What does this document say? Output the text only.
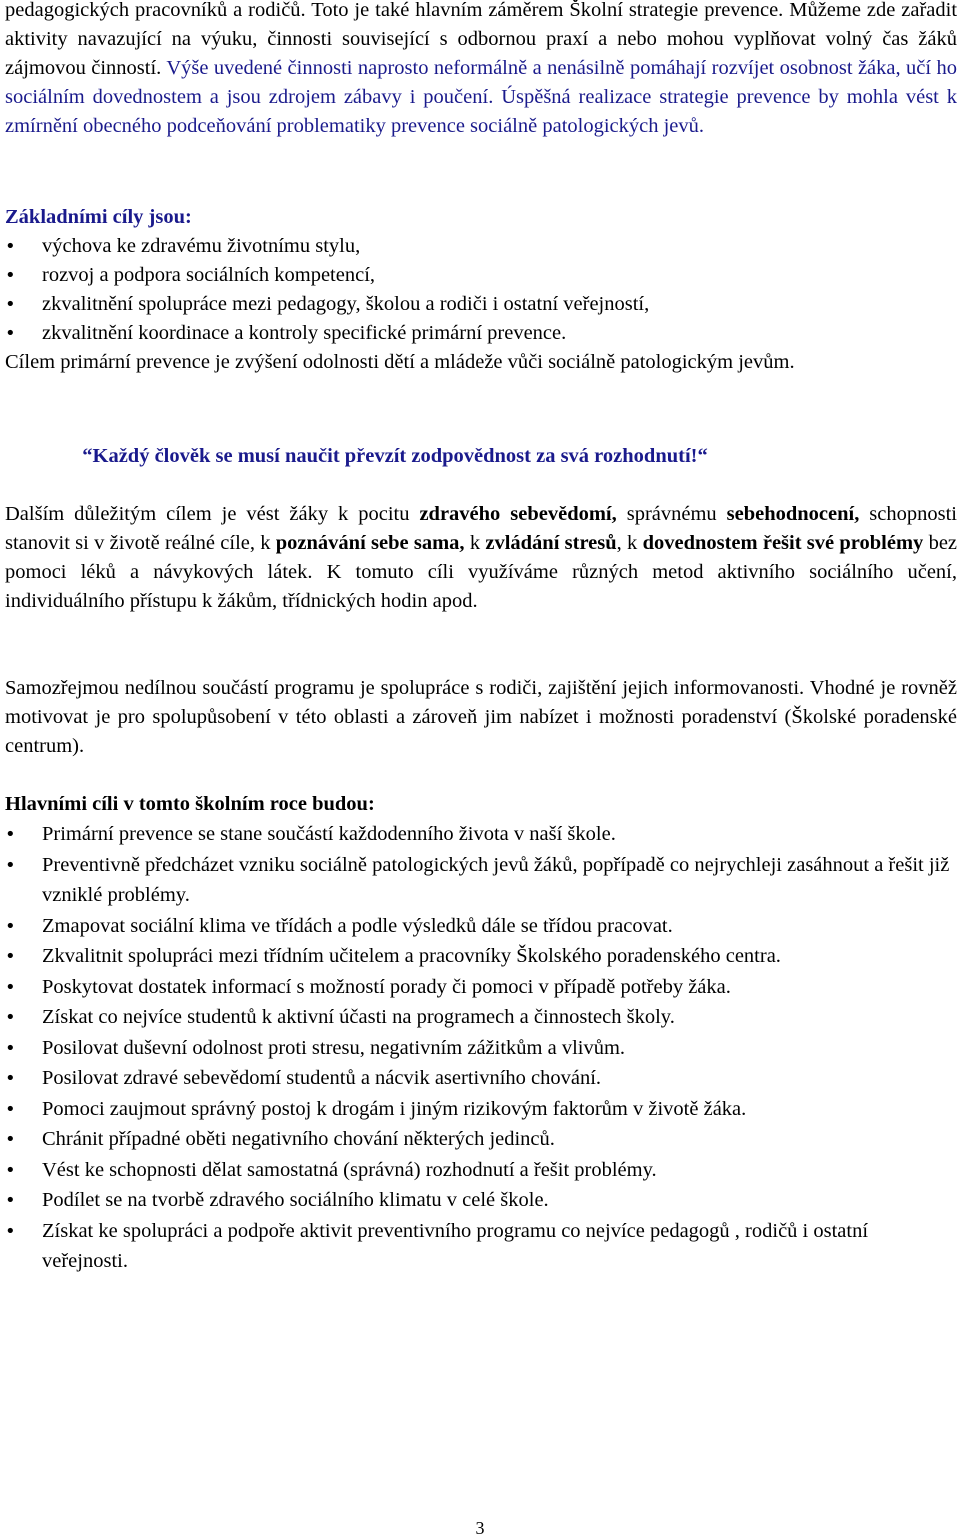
pedagogických pracovníků a rodičů. Toto je také hlavním záměrem Školní strategie prevence. Můžeme zde zařadit aktivity navazující na výuku, činnosti související s odbornou praxí a nebo mohou vyplňovat volný čas žáků zájmovou činností. Výše uvedené činnosti naprosto neformálně a nenásilně pomáhají rozvíjet osobnost žáka, učí ho sociálním dovednostem a jsou zdrojem zábavy i poučení. Úspěšná realizace strategie prevence by mohla vést k zmírnění obecného podceňování problematiky prevence sociálně patologických jevů.

Základními cíly jsou:

•
výchova ke zdravému životnímu stylu,
•
rozvoj a podpora sociálních kompetencí,
•
zkvalitnění spolupráce mezi pedagogy, školou a rodiči i ostatní veřejností,
•
zkvalitnění koordinace a kontroly specifické primární prevence.

Cílem primární prevence je zvýšení odolnosti dětí a mládeže vůči sociálně patologickým jevům.

“Každý člověk se musí naučit převzít zodpovědnost za svá rozhodnutí!“

Dalším důležitým cílem je vést žáky k pocitu zdravého sebevědomí, správnému sebehodnocení, schopnosti stanovit si v životě reálné cíle, k poznávání sebe sama, k zvládání stresů, k dovednostem řešit své problémy bez pomoci léků a návykových látek. K tomuto cíli využíváme různých metod aktivního sociálního učení, individuálního přístupu k žákům, třídnických hodin apod.
Samozřejmou nedílnou součástí programu je spolupráce s rodiči, zajištění jejich informovanosti. Vhodné je rovněž motivovat je pro spolupůsobení v této oblasti a zároveň jim nabízet i možnosti poradenství (Školské poradenské centrum).

Hlavními cíli v tomto školním roce budou:

•
Primární prevence se stane součástí každodenního života v naší škole.
•
Preventivně předcházet vzniku sociálně patologických jevů žáků, popřípadě co nejrychleji zasáhnout a řešit již vzniklé problémy.
•
Zmapovat sociální klima ve třídách a podle výsledků dále se třídou pracovat.
•
Zkvalitnit spolupráci mezi třídním učitelem a pracovníky Školského poradenského centra.
•
Poskytovat dostatek informací s možností porady či pomoci v případě potřeby žáka.
•
Získat co nejvíce studentů k aktivní účasti na programech a činnostech školy.
•
Posilovat duševní odolnost proti stresu, negativním zážitkům a vlivům.
•
Posilovat zdravé sebevědomí studentů a nácvik asertivního chování.
•
Pomoci zaujmout správný postoj k drogám i jiným rizikovým faktorům v životě žáka.
•
Chránit případné oběti negativního chování některých jedinců.
•
Vést ke schopnosti dělat samostatná (správná) rozhodnutí a řešit problémy.
•
Podílet se na tvorbě zdravého sociálního klimatu v celé škole.
•
Získat ke spolupráci a podpoře aktivit preventivního programu co nejvíce pedagogů , rodičů i ostatní veřejnosti.
3
